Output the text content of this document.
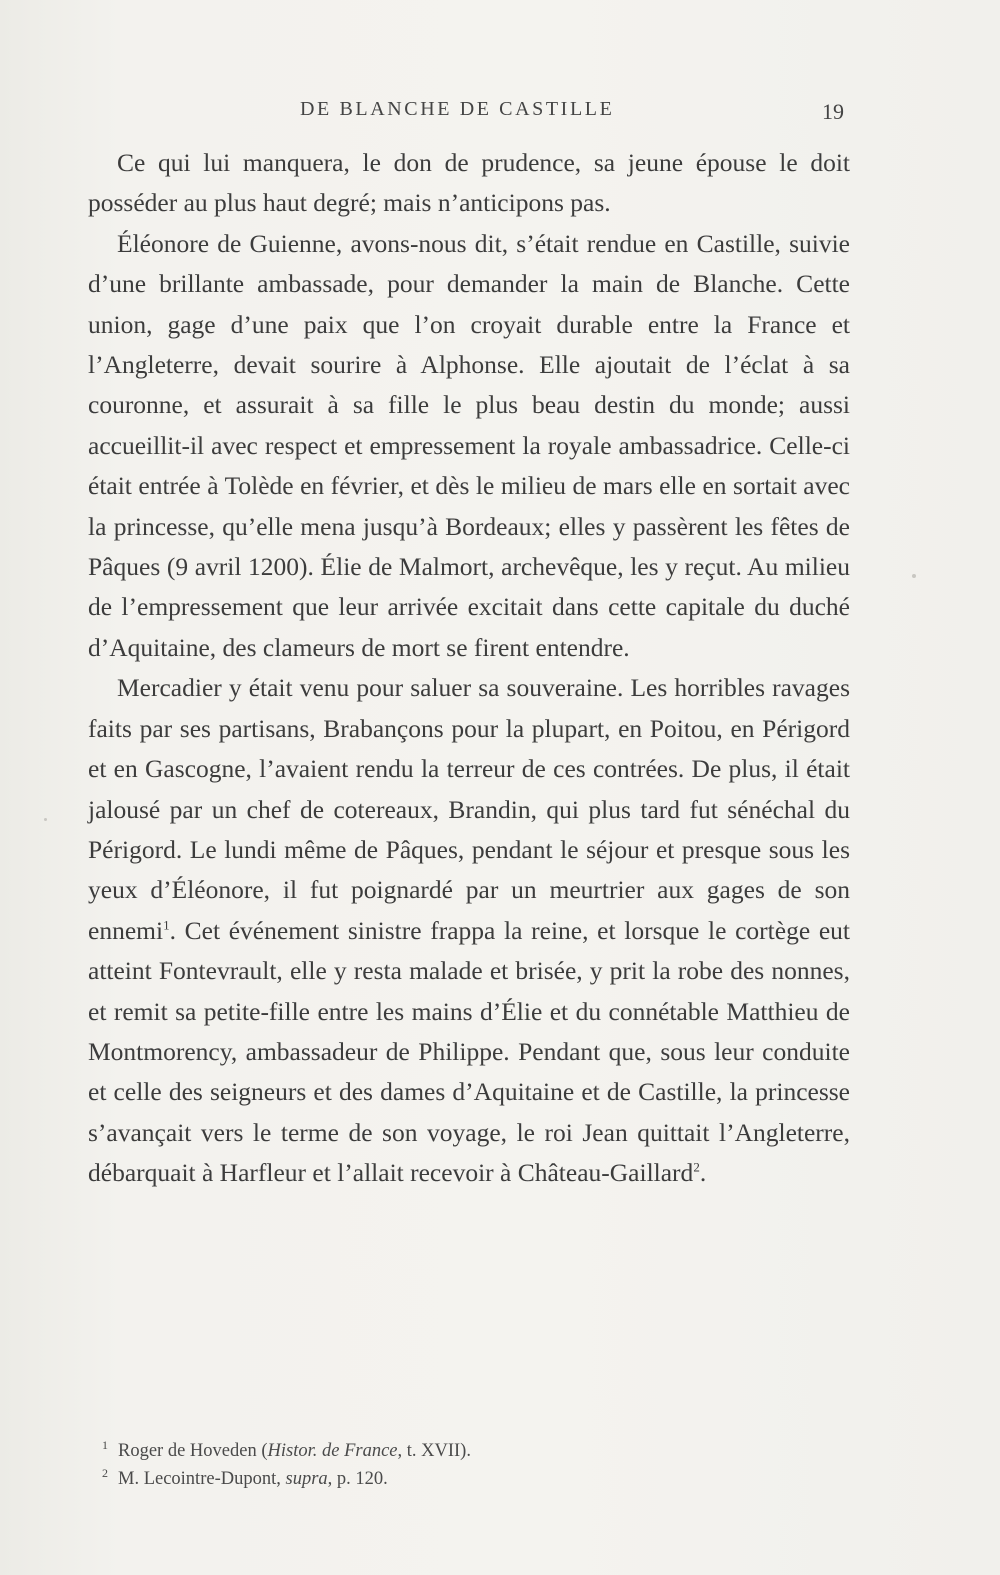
DE BLANCHE DE CASTILLE	19

Ce qui lui manquera, le don de prudence, sa jeune épouse le doit posséder au plus haut degré; mais n’anticipons pas.

Éléonore de Guienne, avons-nous dit, s’était rendue en Castille, suivie d’une brillante ambassade, pour demander la main de Blanche. Cette union, gage d’une paix que l’on croyait durable entre la France et l’Angleterre, devait sourire à Alphonse. Elle ajoutait de l’éclat à sa couronne, et assurait à sa fille le plus beau destin du monde; aussi accueillit-il avec respect et empressement la royale ambassadrice. Celle-ci était entrée à Tolède en février, et dès le milieu de mars elle en sortait avec la princesse, qu’elle mena jusqu’à Bordeaux; elles y passèrent les fêtes de Pâques (9 avril 1200). Élie de Malmort, archevêque, les y reçut. Au milieu de l’empressement que leur arrivée excitait dans cette capitale du duché d’Aquitaine, des clameurs de mort se firent entendre.

Mercadier y était venu pour saluer sa souveraine. Les horribles ravages faits par ses partisans, Brabançons pour la plupart, en Poitou, en Périgord et en Gascogne, l’avaient rendu la terreur de ces contrées. De plus, il était jalousé par un chef de cotereaux, Brandin, qui plus tard fut sénéchal du Périgord. Le lundi même de Pâques, pendant le séjour et presque sous les yeux d’Éléonore, il fut poignardé par un meurtrier aux gages de son ennemi$^1$. Cet événement sinistre frappa la reine, et lorsque le cortège eut atteint Fontevrault, elle y resta malade et brisée, y prit la robe des nonnes, et remit sa petite-fille entre les mains d’Élie et du connétable Matthieu de Montmorency, ambassadeur de Philippe. Pendant que, sous leur conduite et celle des seigneurs et des dames d’Aquitaine et de Castille, la princesse s’avançait vers le terme de son voyage, le roi Jean quittait l’Angleterre, débarquait à Harfleur et l’allait recevoir à Château-Gaillard$^2$.

$^1$ Roger de Hoveden (Histor. de France, t. XVII).
$^2$ M. Lecointre-Dupont, supra, p. 120.
